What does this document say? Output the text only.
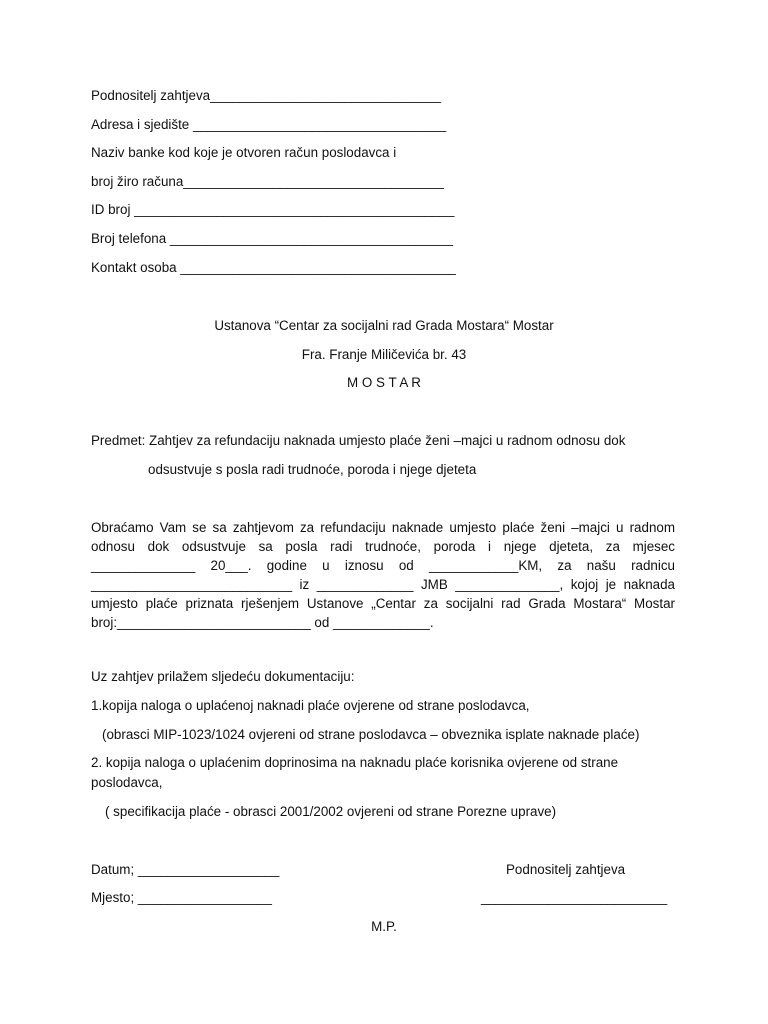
Podnositelj zahtjeva_______________________________
Adresa i sjedište __________________________________
Naziv banke kod koje je otvoren račun poslodavca i
broj žiro računa___________________________________
ID broj ___________________________________________
Broj telefona ______________________________________
Kontakt osoba _____________________________________
Ustanova “Centar za socijalni rad Grada Mostara“ Mostar
Fra. Franje Miličevića br. 43
M O S T A R
Predmet: Zahtjev za refundaciju naknada umjesto plaće ženi –majci u radnom odnosu dok
odsustvuje s posla radi trudnoće, poroda i njege djeteta

Obraćamo Vam se sa zahtjevom za refundaciju naknade umjesto plaće ženi –majci u radnom

odnosu dok odsustvuje sa posla radi trudnoće, poroda i njege djeteta, za mjesec

______________ 20___. godine u iznosu od ____________KM, za našu radnicu

___________________________ iz _____________ JMB ______________, kojoj je naknada

umjesto plaće priznata rješenjem Ustanove „Centar za socijalni rad Grada Mostara“ Mostar

broj:__________________________ od _____________.

Uz zahtjev prilažem sljedeću dokumentaciju:
1.kopija naloga o uplaćenoj naknadi plaće ovjerene od strane poslodavca,
(obrasci MIP-1023/1024 ovjereni od strane poslodavca – obveznika isplate naknade plaće)
2. kopija naloga o uplaćenim doprinosima na naknadu plaće korisnika ovjerene od strane
poslodavca,
( specifikacija plaće - obrasci 2001/2002 ovjereni od strane Porezne uprave)
Datum; ___________________	Podnositelj zahtjeva
Mjesto; __________________	_________________________
M.P.
